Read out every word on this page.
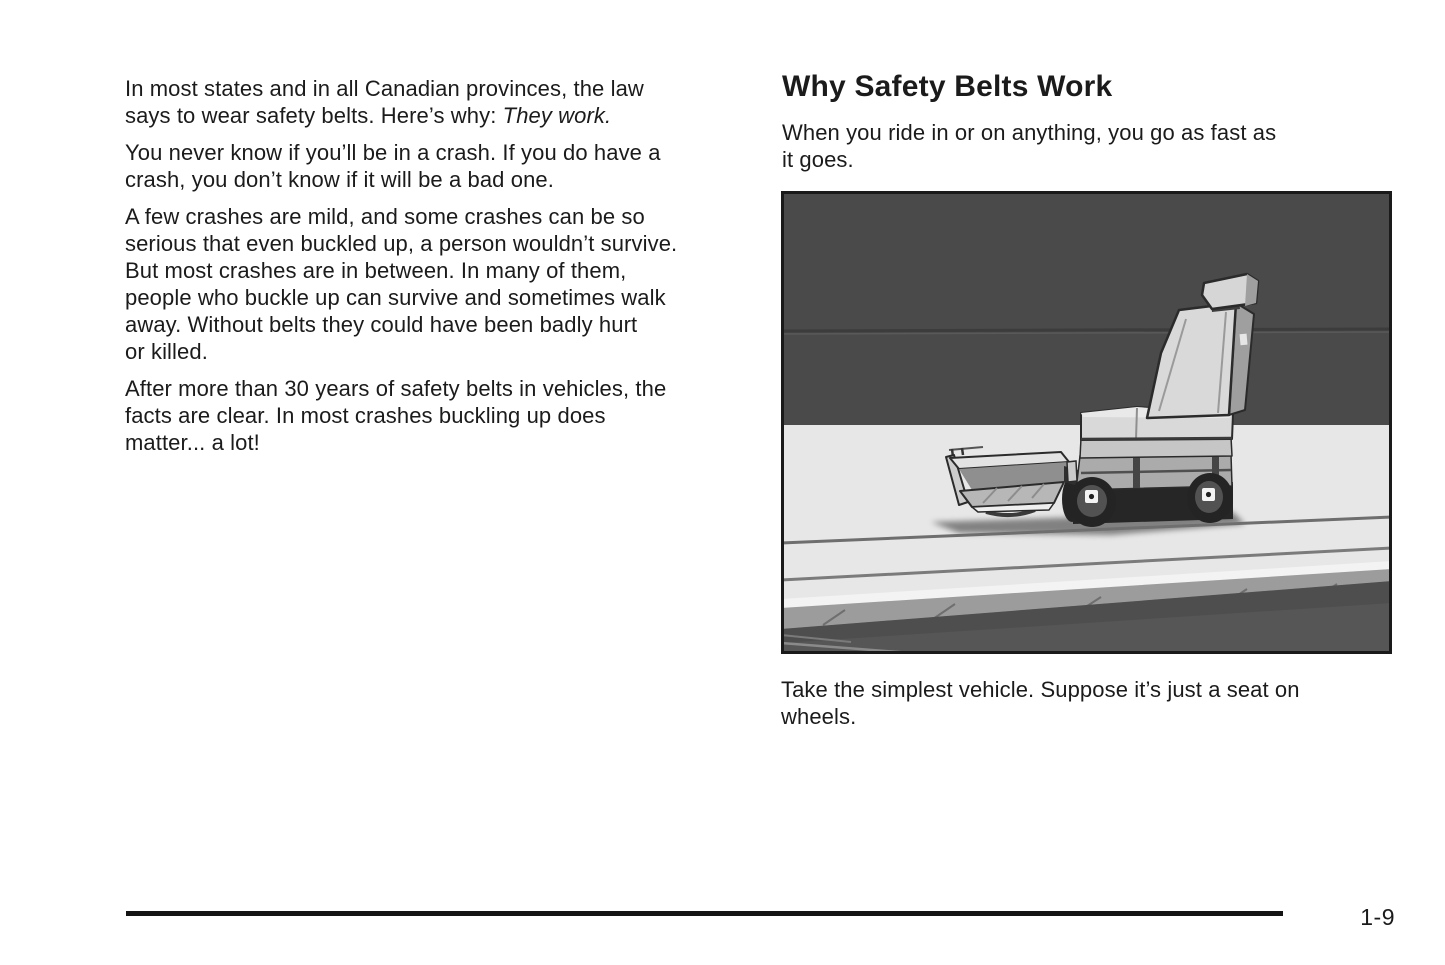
In most states and in all Canadian provinces, the law
says to wear safety belts. Here’s why: They work.
You never know if you’ll be in a crash. If you do have a
crash, you don’t know if it will be a bad one.
A few crashes are mild, and some crashes can be so
serious that even buckled up, a person wouldn’t survive.
But most crashes are in between. In many of them,
people who buckle up can survive and sometimes walk
away. Without belts they could have been badly hurt
or killed.
After more than 30 years of safety belts in vehicles, the
facts are clear. In most crashes buckling up does
matter... a lot!
Why Safety Belts Work
When you ride in or on anything, you go as fast as
it goes.
Take the simplest vehicle. Suppose it’s just a seat on
wheels.
1-9
